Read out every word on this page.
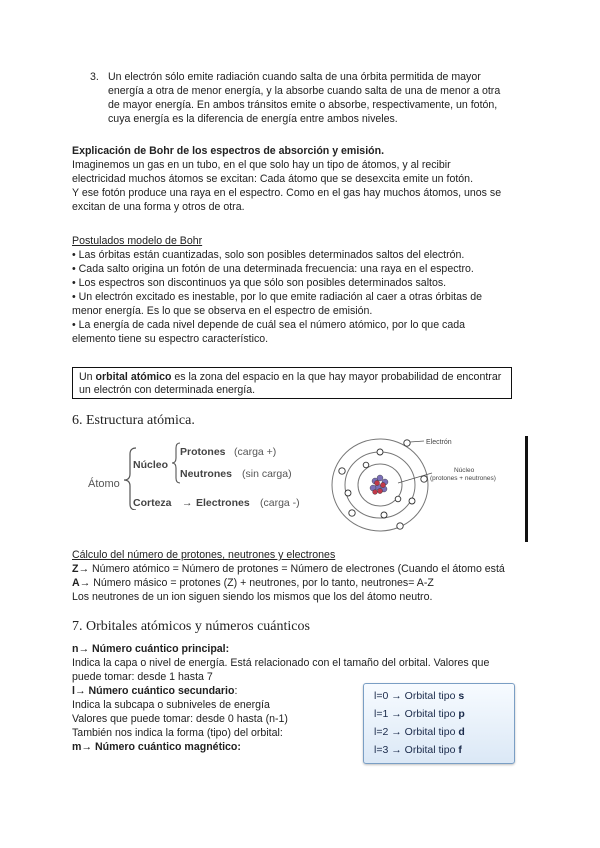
3. Un electrón sólo emite radiación cuando salta de una órbita permitida de mayor
energía a otra de menor energía, y la absorbe cuando salta de una de menor a otra
de mayor energía. En ambos tránsitos emite o absorbe, respectivamente, un fotón,
cuya energía es la diferencia de energía entre ambos niveles.
Explicación de Bohr de los espectros de absorción y emisión.
Imaginemos un gas en un tubo, en el que solo hay un tipo de átomos, y al recibir
electricidad muchos átomos se excitan: Cada átomo que se desexcita emite un fotón.
Y ese fotón produce una raya en el espectro. Como en el gas hay muchos átomos, unos se
excitan de una forma y otros de otra.
Postulados modelo de Bohr
• Las órbitas están cuantizadas, solo son posibles determinados saltos del electrón.
• Cada salto origina un fotón de una determinada frecuencia: una raya en el espectro.
• Los espectros son discontinuos ya que sólo son posibles determinados saltos.
• Un electrón excitado es inestable, por lo que emite radiación al caer a otras órbitas de
menor energía. Es lo que se observa en el espectro de emisión.
• La energía de cada nivel depende de cuál sea el número atómico, por lo que cada
elemento tiene su espectro característico.
Un orbital atómico es la zona del espacio en la que hay mayor probabilidad de encontrar
un electrón con determinada energía.
6. Estructura atómica.
Átomo
Núcleo
Protones (carga +)
Neutrones (sin carga)
Corteza → Electrones (carga -)
Electrón
Núcleo
(protones + neutrones)
Cálculo del número de protones, neutrones y electrones
Z→ Número atómico = Número de protones = Número de electrones (Cuando el átomo está
A→ Número másico = protones (Z) + neutrones, por lo tanto, neutrones= A-Z
Los neutrones de un ion siguen siendo los mismos que los del átomo neutro.
7. Orbitales atómicos y números cuánticos
n→ Número cuántico principal:
Indica la capa o nivel de energía. Está relacionado con el tamaño del orbital. Valores que
puede tomar: desde 1 hasta 7
l→ Número cuántico secundario:
Indica la subcapa o subniveles de energía
Valores que puede tomar: desde 0 hasta (n-1)
También nos indica la forma (tipo) del orbital:
m→ Número cuántico magnético:
l=0 → Orbital tipo s
l=1 → Orbital tipo p
l=2 → Orbital tipo d
l=3 → Orbital tipo f
